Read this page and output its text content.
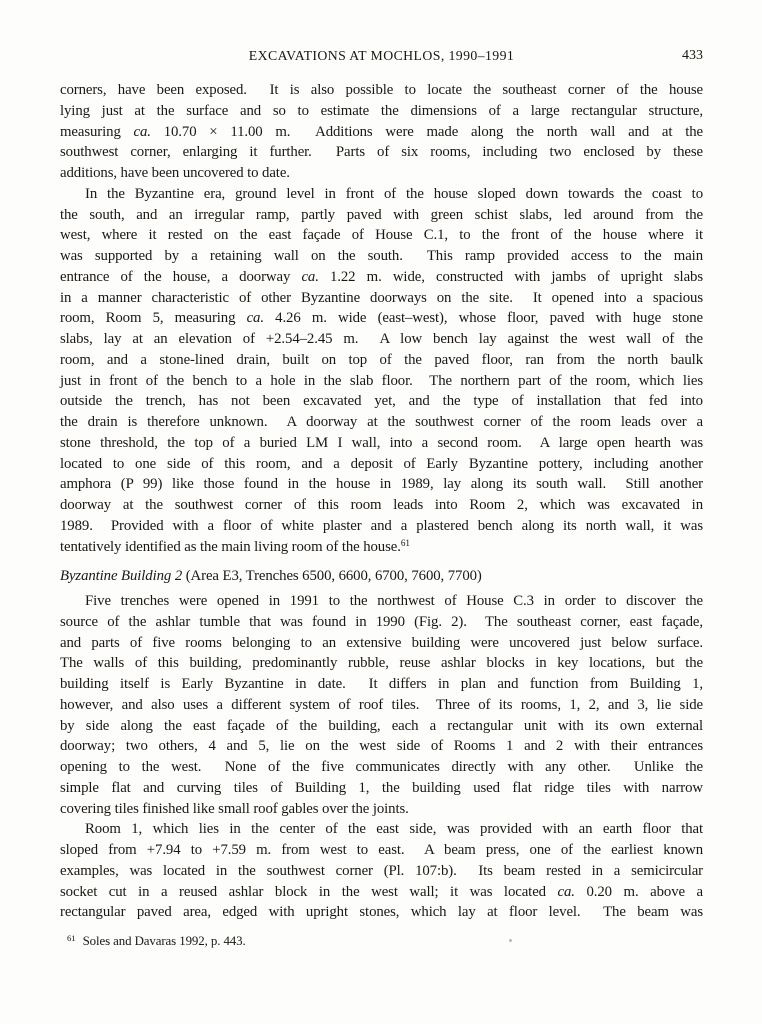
EXCAVATIONS AT MOCHLOS, 1990–1991	433
corners, have been exposed.  It is also possible to locate the southeast corner of the house
lying just at the surface and so to estimate the dimensions of a large rectangular structure,
measuring ca. 10.70 × 11.00 m.  Additions were made along the north wall and at the
southwest corner, enlarging it further.  Parts of six rooms, including two enclosed by these
additions, have been uncovered to date.
In the Byzantine era, ground level in front of the house sloped down towards the coast to
the south, and an irregular ramp, partly paved with green schist slabs, led around from the
west, where it rested on the east façade of House C.1, to the front of the house where it
was supported by a retaining wall on the south.  This ramp provided access to the main
entrance of the house, a doorway ca. 1.22 m. wide, constructed with jambs of upright slabs
in a manner characteristic of other Byzantine doorways on the site.  It opened into a spacious
room, Room 5, measuring ca. 4.26 m. wide (east–west), whose floor, paved with huge stone
slabs, lay at an elevation of +2.54–2.45 m.  A low bench lay against the west wall of the
room, and a stone-lined drain, built on top of the paved floor, ran from the north baulk
just in front of the bench to a hole in the slab floor.  The northern part of the room, which lies
outside the trench, has not been excavated yet, and the type of installation that fed into
the drain is therefore unknown.  A doorway at the southwest corner of the room leads over a
stone threshold, the top of a buried LM I wall, into a second room.  A large open hearth was
located to one side of this room, and a deposit of Early Byzantine pottery, including another
amphora (P 99) like those found in the house in 1989, lay along its south wall.  Still another
doorway at the southwest corner of this room leads into Room 2, which was excavated in
1989.  Provided with a floor of white plaster and a plastered bench along its north wall, it was
tentatively identified as the main living room of the house.$^{61}$
Byzantine Building 2 (Area E3, Trenches 6500, 6600, 6700, 7600, 7700)
Five trenches were opened in 1991 to the northwest of House C.3 in order to discover the
source of the ashlar tumble that was found in 1990 (Fig. 2).  The southeast corner, east façade,
and parts of five rooms belonging to an extensive building were uncovered just below surface.
The walls of this building, predominantly rubble, reuse ashlar blocks in key locations, but the
building itself is Early Byzantine in date.  It differs in plan and function from Building 1,
however, and also uses a different system of roof tiles.  Three of its rooms, 1, 2, and 3, lie side
by side along the east façade of the building, each a rectangular unit with its own external
doorway; two others, 4 and 5, lie on the west side of Rooms 1 and 2 with their entrances
opening to the west.  None of the five communicates directly with any other.  Unlike the
simple flat and curving tiles of Building 1, the building used flat ridge tiles with narrow
covering tiles finished like small roof gables over the joints.
Room 1, which lies in the center of the east side, was provided with an earth floor that
sloped from +7.94 to +7.59 m. from west to east.  A beam press, one of the earliest known
examples, was located in the southwest corner (Pl. 107:b).  Its beam rested in a semicircular
socket cut in a reused ashlar block in the west wall; it was located ca. 0.20 m. above a
rectangular paved area, edged with upright stones, which lay at floor level.  The beam was
$^{61}$ Soles and Davaras 1992, p. 443.
